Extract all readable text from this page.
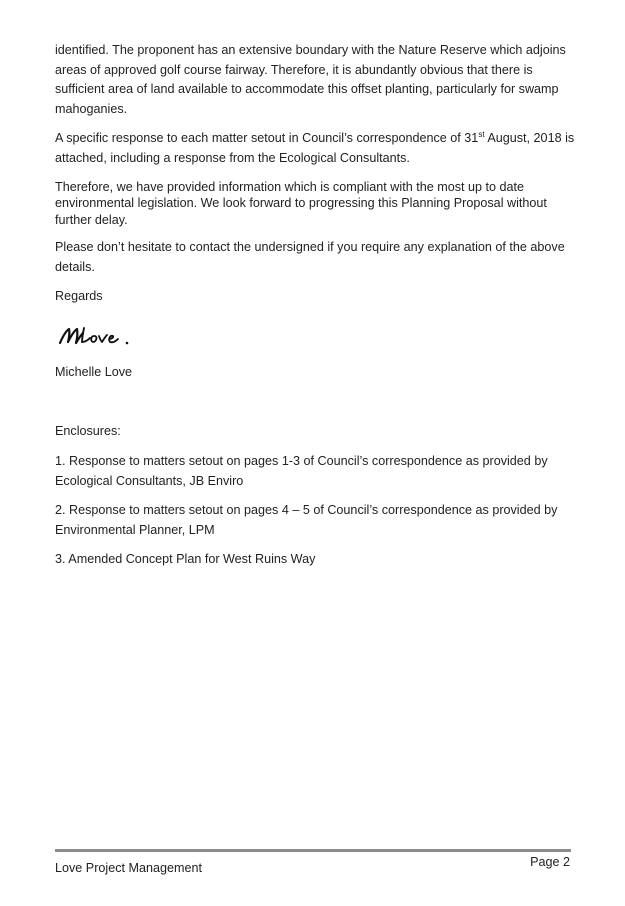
identified. The proponent has an extensive boundary with the Nature Reserve which adjoins areas of approved golf course fairway. Therefore, it is abundantly obvious that there is sufficient area of land available to accommodate this offset planting, particularly for swamp mahoganies.

A specific response to each matter setout in Council’s correspondence of 31st August, 2018 is attached, including a response from the Ecological Consultants.

Therefore, we have provided information which is compliant with the most up to date environmental legislation. We look forward to progressing this Planning Proposal without further delay.

Please don’t hesitate to contact the undersigned if you require any explanation of the above details.

Regards

Michelle Love

Enclosures:

1. Response to matters setout on pages 1-3 of Council’s correspondence as provided by Ecological Consultants, JB Enviro

2. Response to matters setout on pages 4 – 5 of Council’s correspondence as provided by Environmental Planner, LPM

3. Amended Concept Plan for West Ruins Way

Love Project Management	Page 2
